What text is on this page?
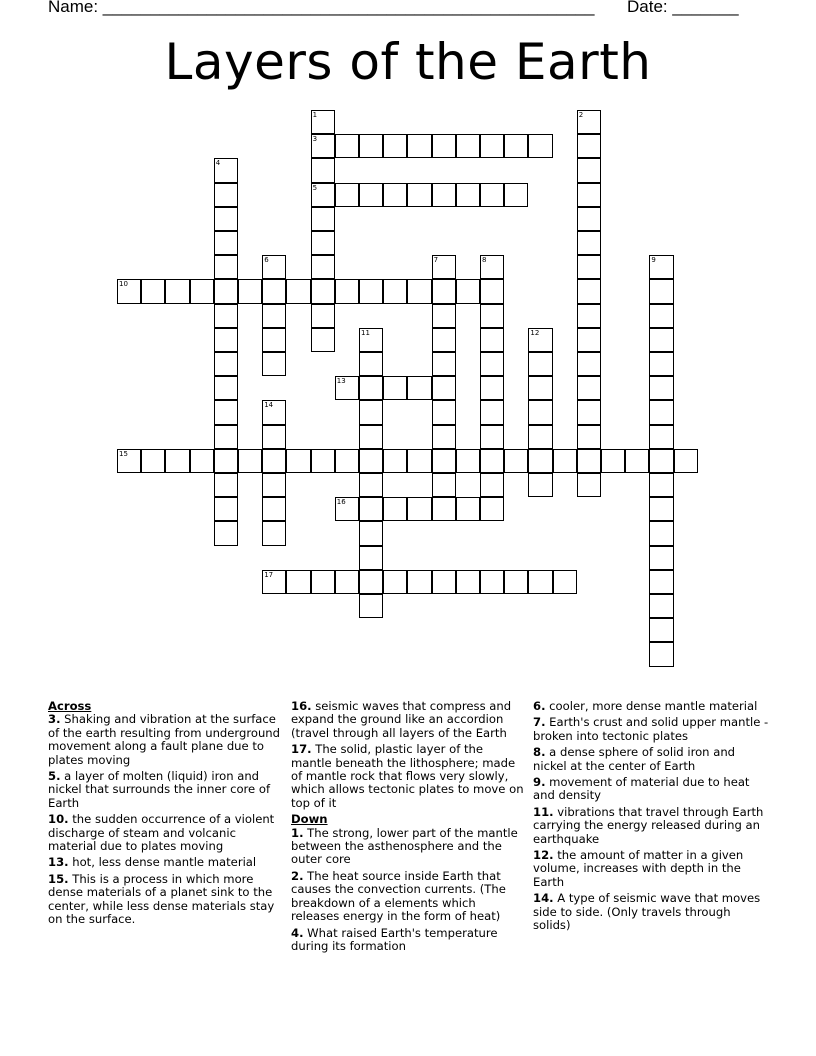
Name: ____________________________________________________ Date: _______
Layers of the Earth
1
3
5
2
4
6	7	8	9
10
11	12
13
14
15
16
17
Across
3. Shaking and vibration at the surface of the earth resulting from underground movement along a fault plane due to plates moving
5. a layer of molten (liquid) iron and nickel that surrounds the inner core of Earth
10. the sudden occurrence of a violent discharge of steam and volcanic material due to plates moving
13. hot, less dense mantle material
15. This is a process in which more dense materials of a planet sink to the center, while less dense materials stay on the surface.
16. seismic waves that compress and expand the ground like an accordion (travel through all layers of the Earth
17. The solid, plastic layer of the mantle beneath the lithosphere; made of mantle rock that flows very slowly, which allows tectonic plates to move on top of it
Down
1. The strong, lower part of the mantle between the asthenosphere and the outer core
2. The heat source inside Earth that causes the convection currents. (The breakdown of a elements which releases energy in the form of heat)
4. What raised Earth's temperature during its formation
6. cooler, more dense mantle material
7. Earth's crust and solid upper mantle -broken into tectonic plates
8. a dense sphere of solid iron and nickel at the center of Earth
9. movement of material due to heat and density
11. vibrations that travel through Earth carrying the energy released during an earthquake
12. the amount of matter in a given volume, increases with depth in the Earth
14. A type of seismic wave that moves side to side. (Only travels through solids)
